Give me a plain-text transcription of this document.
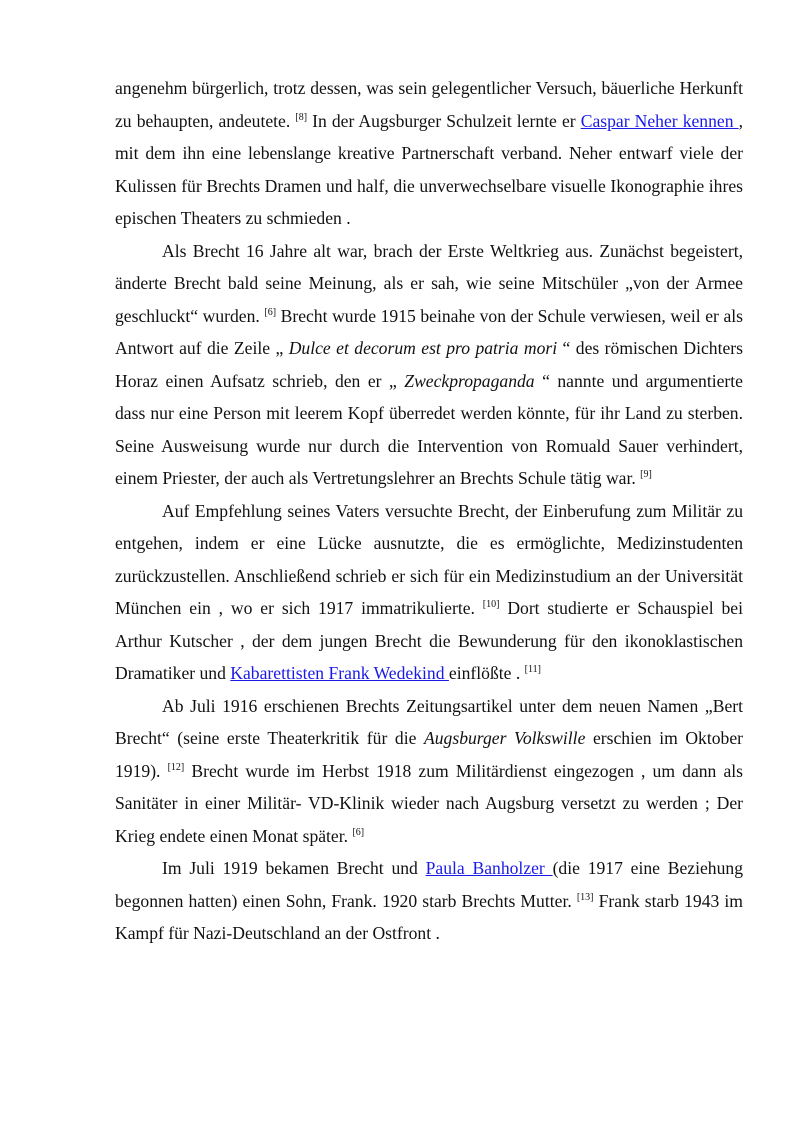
angenehm bürgerlich, trotz dessen, was sein gelegentlicher Versuch, bäuerliche Herkunft zu behaupten, andeutete. [8] In der Augsburger Schulzeit lernte er Caspar Neher kennen , mit dem ihn eine lebenslange kreative Partnerschaft verband. Neher entwarf viele der Kulissen für Brechts Dramen und half, die unverwechselbare visuelle Ikonographie ihres epischen Theaters zu schmieden .

Als Brecht 16 Jahre alt war, brach der Erste Weltkrieg aus. Zunächst begeistert, änderte Brecht bald seine Meinung, als er sah, wie seine Mitschüler „von der Armee geschluckt“ wurden. [6] Brecht wurde 1915 beinahe von der Schule verwiesen, weil er als Antwort auf die Zeile „ Dulce et decorum est pro patria mori “ des römischen Dichters Horaz einen Aufsatz schrieb, den er „ Zweckpropaganda “ nannte und argumentierte dass nur eine Person mit leerem Kopf überredet werden könnte, für ihr Land zu sterben. Seine Ausweisung wurde nur durch die Intervention von Romuald Sauer verhindert, einem Priester, der auch als Vertretungslehrer an Brechts Schule tätig war. [9]

Auf Empfehlung seines Vaters versuchte Brecht, der Einberufung zum Militär zu entgehen, indem er eine Lücke ausnutzte, die es ermöglichte, Medizinstudenten zurückzustellen. Anschließend schrieb er sich für ein Medizinstudium an der Universität München ein , wo er sich 1917 immatrikulierte. [10] Dort studierte er Schauspiel bei Arthur Kutscher , der dem jungen Brecht die Bewunderung für den ikonoklastischen Dramatiker und Kabarettisten Frank Wedekind einflößte . [11]

Ab Juli 1916 erschienen Brechts Zeitungsartikel unter dem neuen Namen „Bert Brecht“ (seine erste Theaterkritik für die Augsburger Volkswille erschien im Oktober 1919). [12] Brecht wurde im Herbst 1918 zum Militärdienst eingezogen , um dann als Sanitäter in einer Militär- VD-Klinik wieder nach Augsburg versetzt zu werden ; Der Krieg endete einen Monat später. [6]

Im Juli 1919 bekamen Brecht und Paula Banholzer (die 1917 eine Beziehung begonnen hatten) einen Sohn, Frank. 1920 starb Brechts Mutter. [13] Frank starb 1943 im Kampf für Nazi-Deutschland an der Ostfront .
